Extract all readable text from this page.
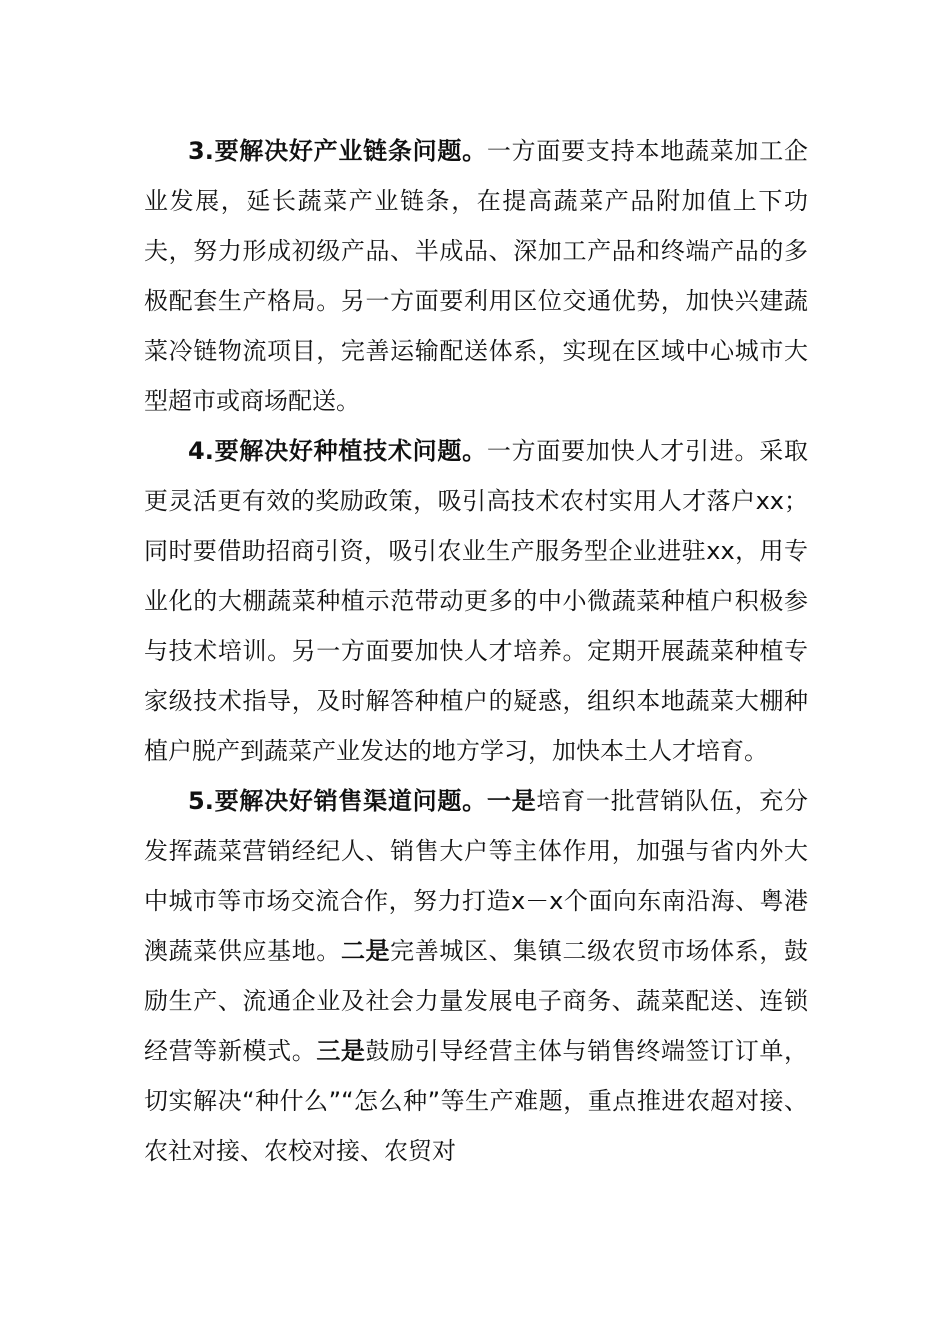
3.要解决好产业链条问题。一方面要支持本地蔬菜加工企业发展，延长蔬菜产业链条，在提高蔬菜产品附加值上下功夫，努力形成初级产品、半成品、深加工产品和终端产品的多极配套生产格局。另一方面要利用区位交通优势，加快兴建蔬菜冷链物流项目，完善运输配送体系，实现在区域中心城市大型超市或商场配送。

4.要解决好种植技术问题。一方面要加快人才引进。采取更灵活更有效的奖励政策，吸引高技术农村实用人才落户xx；同时要借助招商引资，吸引农业生产服务型企业进驻xx，用专业化的大棚蔬菜种植示范带动更多的中小微蔬菜种植户积极参与技术培训。另一方面要加快人才培养。定期开展蔬菜种植专家级技术指导，及时解答种植户的疑惑，组织本地蔬菜大棚种植户脱产到蔬菜产业发达的地方学习，加快本土人才培育。

5.要解决好销售渠道问题。一是培育一批营销队伍，充分发挥蔬菜营销经纪人、销售大户等主体作用，加强与省内外大中城市等市场交流合作，努力打造x－x个面向东南沿海、粤港澳蔬菜供应基地。二是完善城区、集镇二级农贸市场体系，鼓励生产、流通企业及社会力量发展电子商务、蔬菜配送、连锁经营等新模式。三是鼓励引导经营主体与销售终端签订订单，切实解决“种什么”“怎么种”等生产难题，重点推进农超对接、农社对接、农校对接、农贸对
